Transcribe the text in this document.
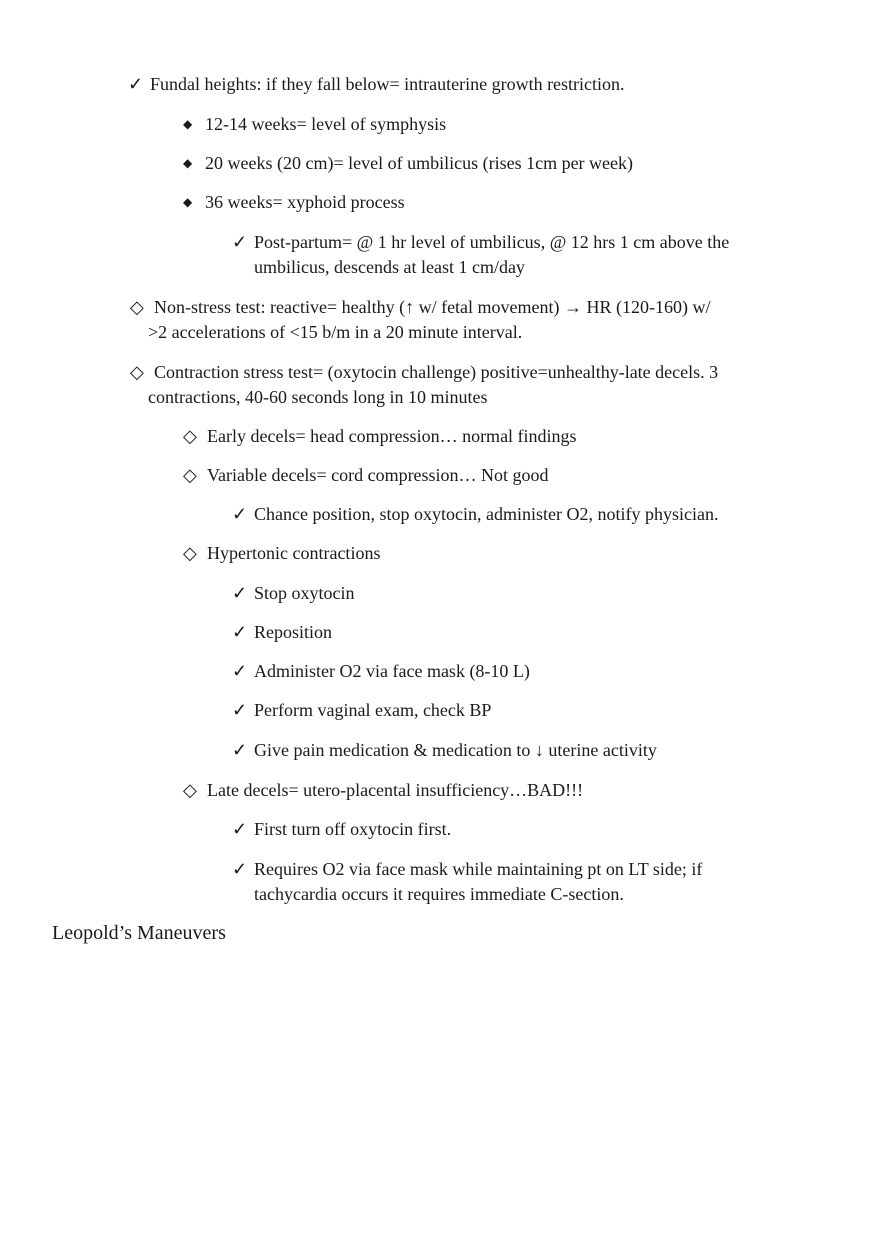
✓ Fundal heights: if they fall below= intrauterine growth restriction.
◆ 12-14 weeks= level of symphysis
◆ 20 weeks (20 cm)= level of umbilicus (rises 1cm per week)
◆ 36 weeks= xyphoid process
✓ Post-partum= @ 1 hr level of umbilicus, @ 12 hrs 1 cm above the
umbilicus, descends at least 1 cm/day
◇ Non-stress test: reactive= healthy (↑ w/ fetal movement) → HR (120-160) w/
>2 accelerations of <15 b/m in a 20 minute interval.
◇ Contraction stress test= (oxytocin challenge) positive=unhealthy-late decels. 3
contractions, 40-60 seconds long in 10 minutes
◇ Early decels= head compression… normal findings
◇ Variable decels= cord compression… Not good
✓ Chance position, stop oxytocin, administer O2, notify physician.
◇ Hypertonic contractions
✓ Stop oxytocin
✓ Reposition
✓ Administer O2 via face mask (8-10 L)
✓ Perform vaginal exam, check BP
✓ Give pain medication & medication to ↓ uterine activity
◇ Late decels= utero-placental insufficiency…BAD!!!
✓ First turn off oxytocin first.
✓ Requires O2 via face mask while maintaining pt on LT side; if
tachycardia occurs it requires immediate C-section.
Leopold’s Maneuvers
